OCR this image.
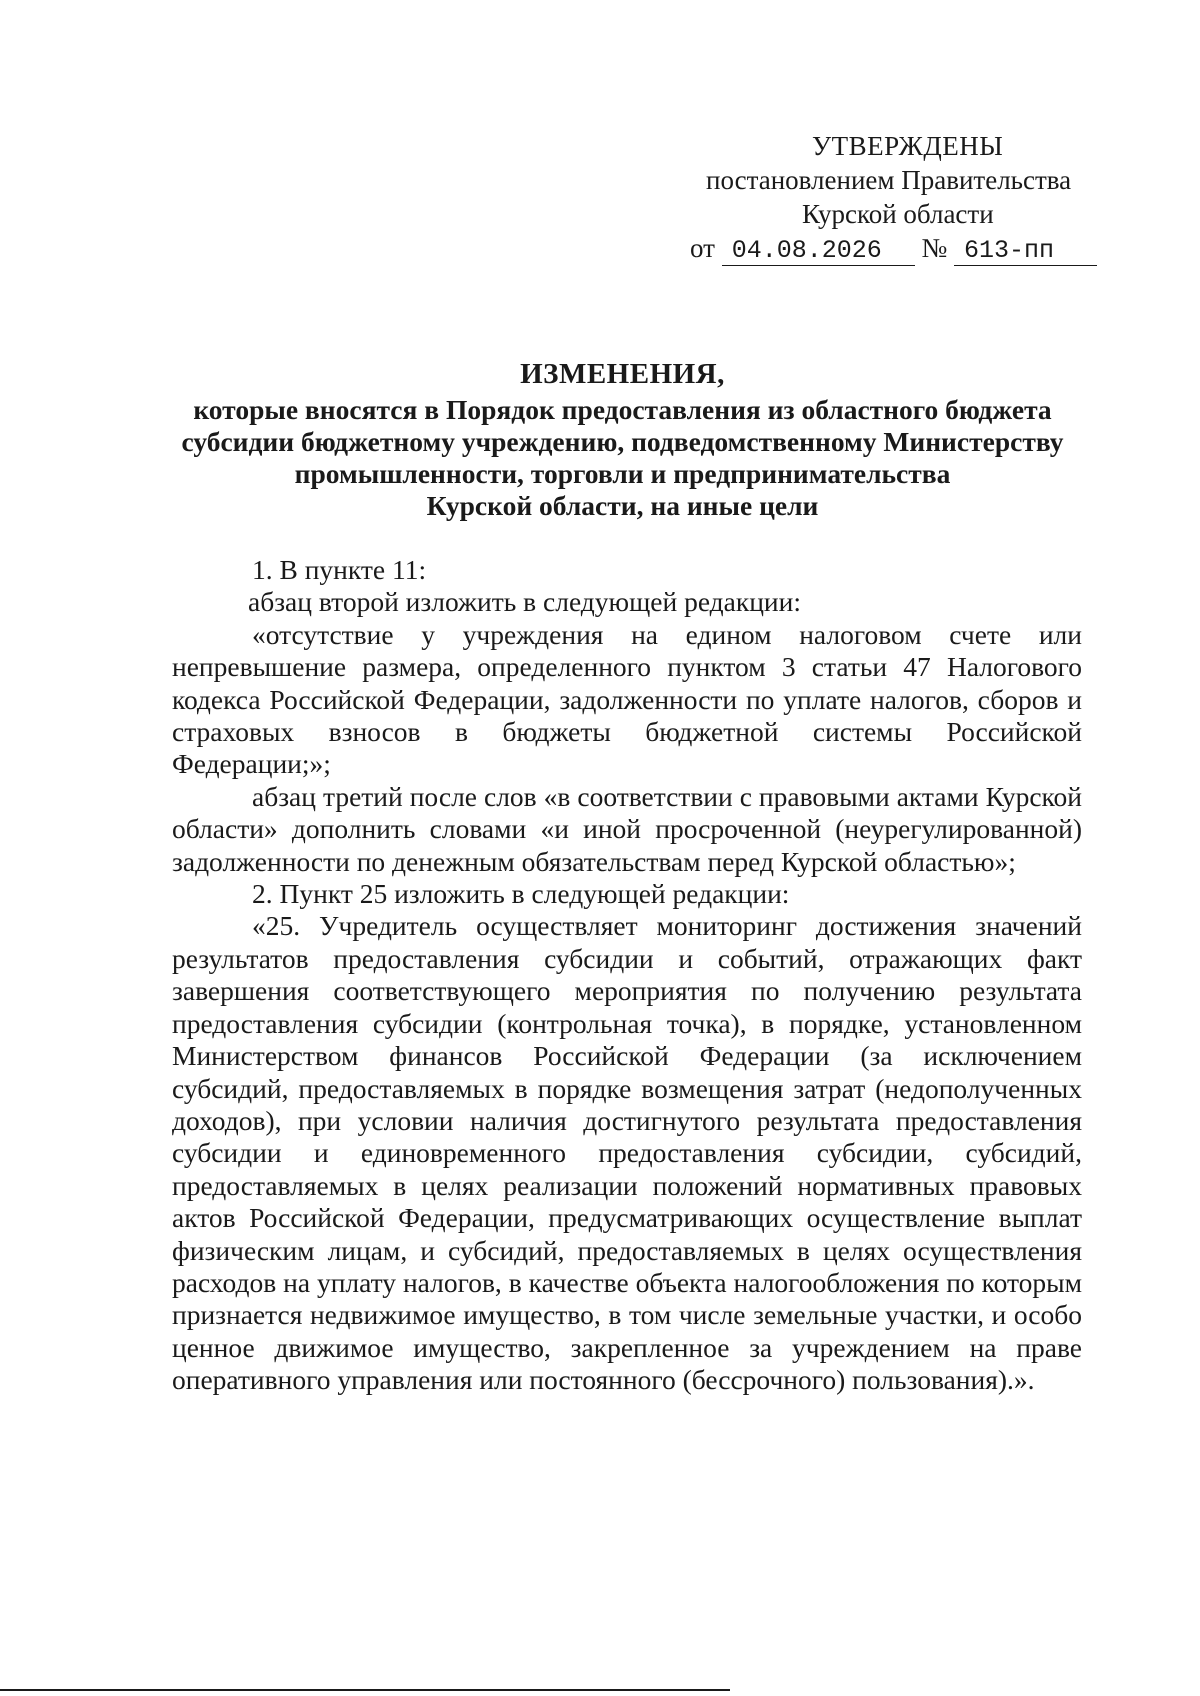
УТВЕРЖДЕНЫ
постановлением Правительства
Курской области
от 04.08.2026 № 613-пп
ИЗМЕНЕНИЯ,
которые вносятся в Порядок предоставления из областного бюджета
субсидии бюджетному учреждению, подведомственному Министерству
промышленности, торговли и предпринимательства
Курской области, на иные цели

1. В пункте 11:

абзац второй изложить в следующей редакции:

«отсутствие у учреждения на едином налоговом счете или непревышение размера, определенного пунктом 3 статьи 47 Налогового кодекса Российской Федерации, задолженности по уплате налогов, сборов и страховых взносов в бюджеты бюджетной системы Российской Федерации;»;

абзац третий после слов «в соответствии с правовыми актами Курской области» дополнить словами «и иной просроченной (неурегулированной) задолженности по денежным обязательствам перед Курской областью»;

2. Пункт 25 изложить в следующей редакции:

«25. Учредитель осуществляет мониторинг достижения значений результатов предоставления субсидии и событий, отражающих факт завершения соответствующего мероприятия по получению результата предоставления субсидии (контрольная точка), в порядке, установленном Министерством финансов Российской Федерации (за исключением субсидий, предоставляемых в порядке возмещения затрат (недополученных доходов), при условии наличия достигнутого результата предоставления субсидии и единовременного предоставления субсидии, субсидий, предоставляемых в целях реализации положений нормативных правовых актов Российской Федерации, предусматривающих осуществление выплат физическим лицам, и субсидий, предоставляемых в целях осуществления расходов на уплату налогов, в качестве объекта налогообложения по которым признается недвижимое имущество, в том числе земельные участки, и особо ценное движимое имущество, закрепленное за учреждением на праве оперативного управления или постоянного (бессрочного) пользования).».
